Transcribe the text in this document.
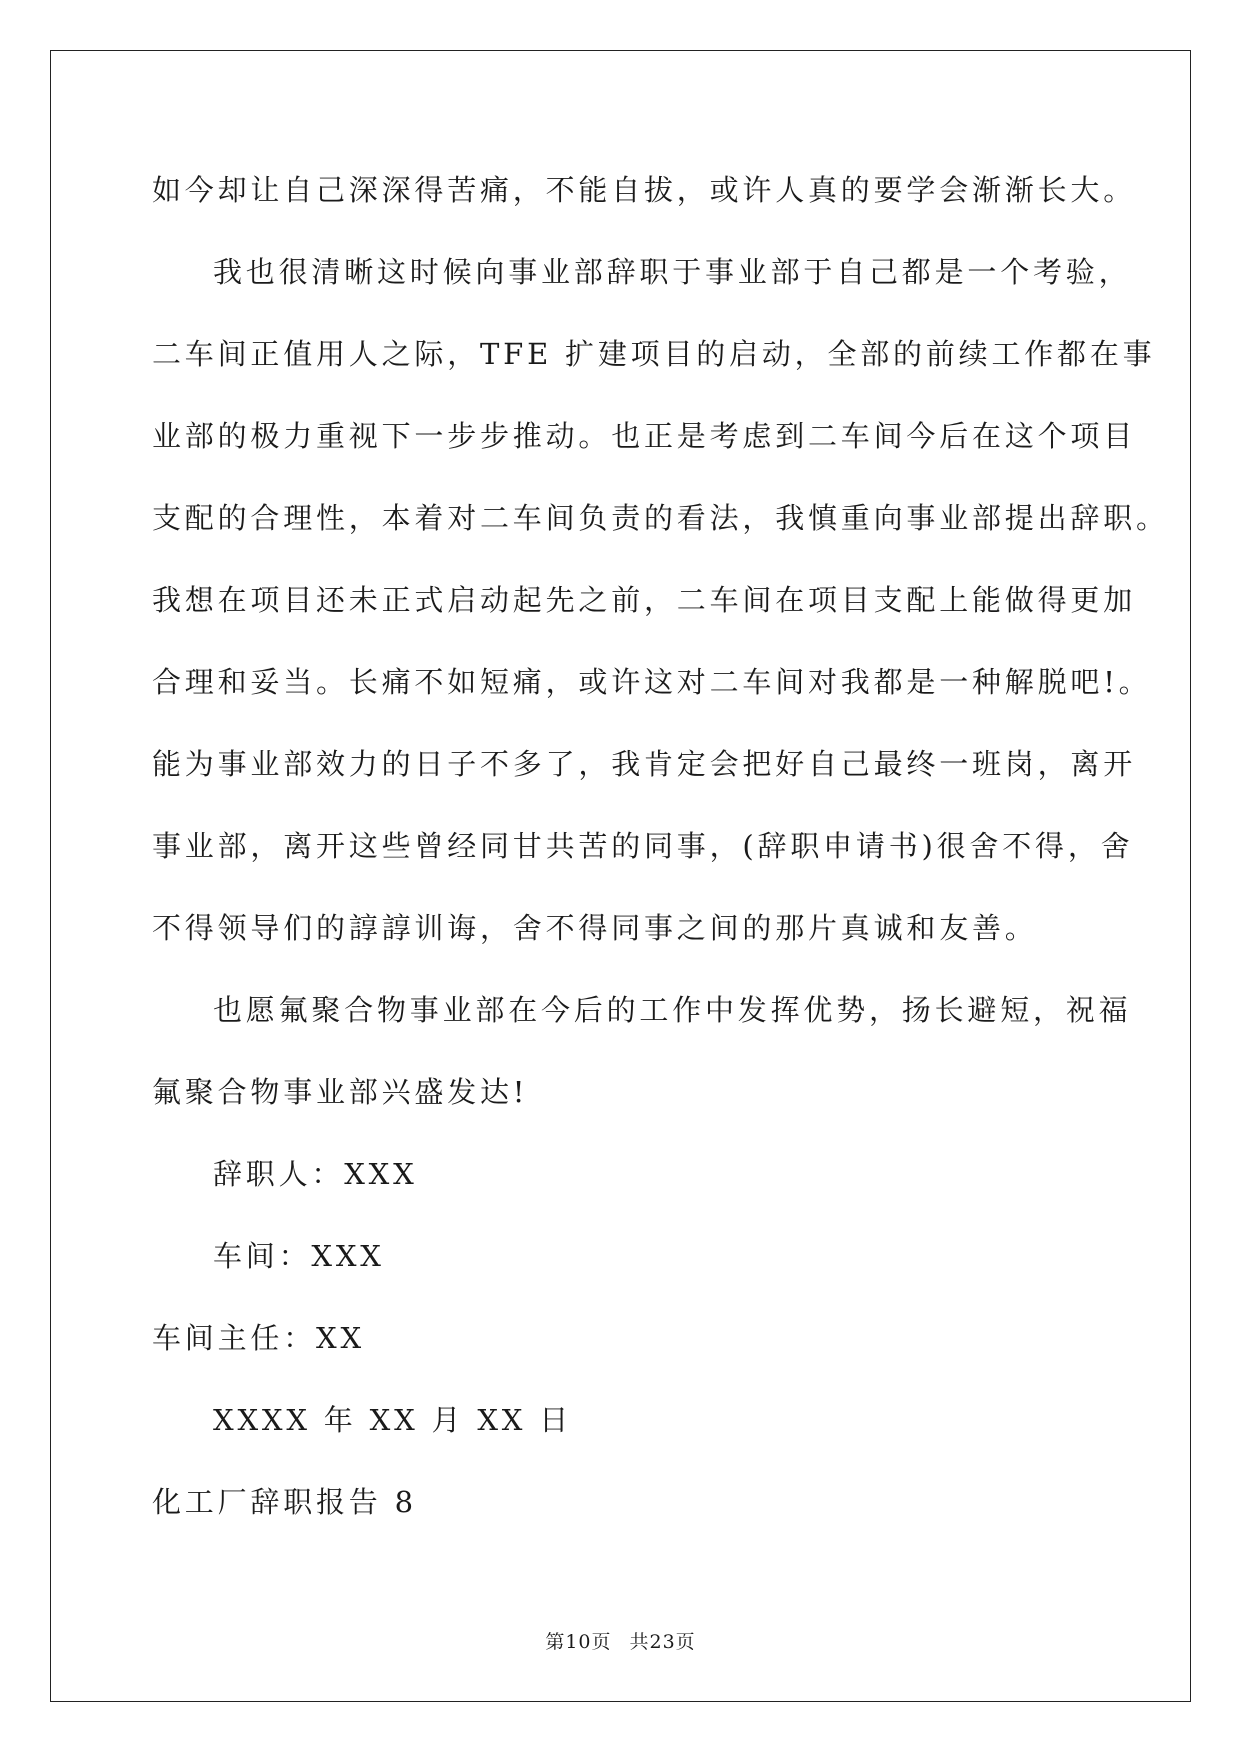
如今却让自己深深得苦痛，不能自拔，或许人真的要学会渐渐长大。
我也很清晰这时候向事业部辞职于事业部于自己都是一个考验，
二车间正值用人之际，TFE 扩建项目的启动，全部的前续工作都在事
业部的极力重视下一步步推动。也正是考虑到二车间今后在这个项目
支配的合理性，本着对二车间负责的看法，我慎重向事业部提出辞职。
我想在项目还未正式启动起先之前，二车间在项目支配上能做得更加
合理和妥当。长痛不如短痛，或许这对二车间对我都是一种解脱吧!。
能为事业部效力的日子不多了，我肯定会把好自己最终一班岗，离开
事业部，离开这些曾经同甘共苦的同事，(辞职申请书)很舍不得，舍
不得领导们的諄諄训诲，舍不得同事之间的那片真诚和友善。
也愿氟聚合物事业部在今后的工作中发挥优势，扬长避短，祝福
氟聚合物事业部兴盛发达!
辞职人：XXX
车间：XXX
车间主任：XX
XXXX 年 XX 月 XX 日
化工厂辞职报告 8
第10页 共23页
